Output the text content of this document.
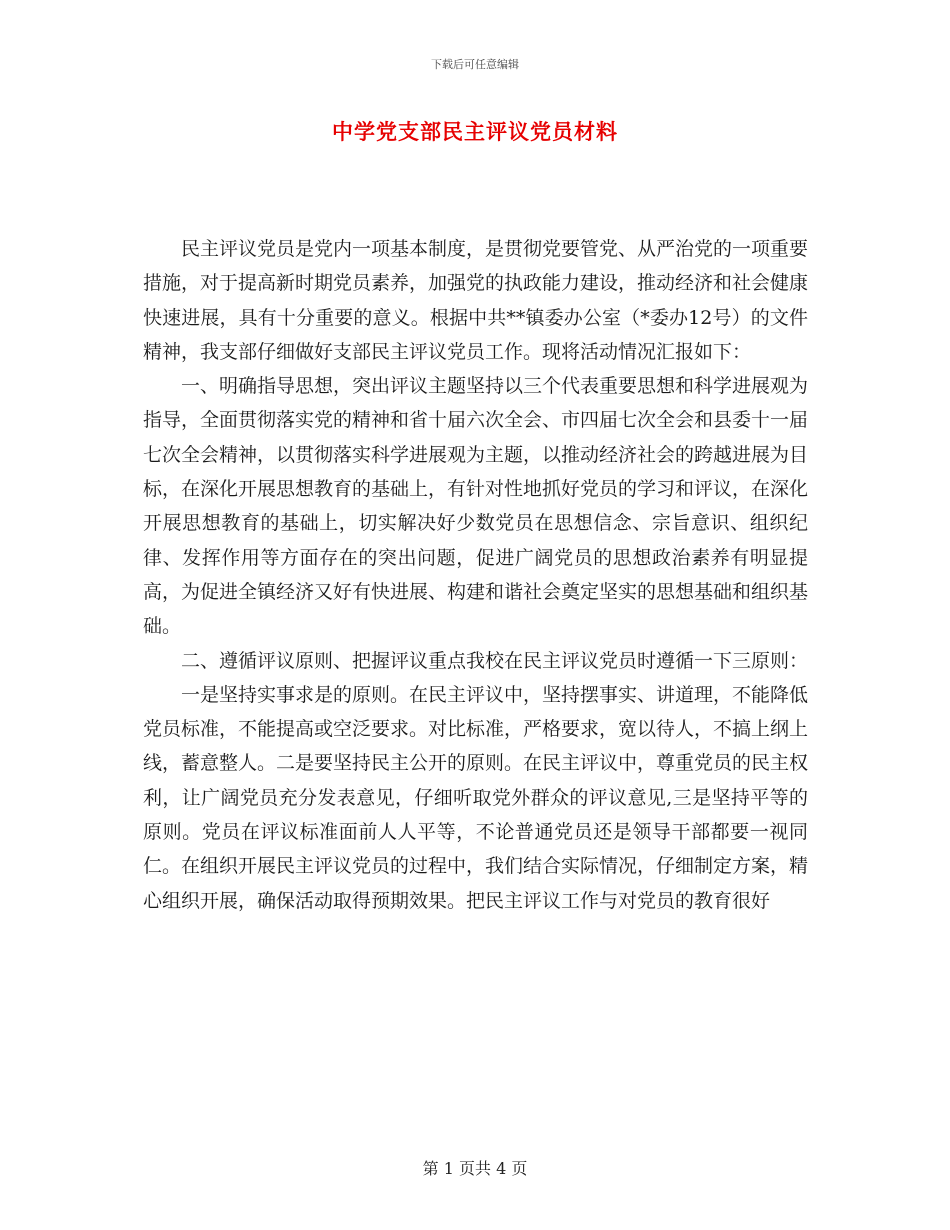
下载后可任意编辑
中学党支部民主评议党员材料

民主评议党员是党内一项基本制度，是贯彻党要管党、从严治党的一项重要措施，对于提高新时期党员素养，加强党的执政能力建设，推动经济和社会健康快速进展，具有十分重要的意义。根据中共**镇委办公室（*委办12号）的文件精神，我支部仔细做好支部民主评议党员工作。现将活动情况汇报如下：

一、明确指导思想，突出评议主题坚持以三个代表重要思想和科学进展观为指导，全面贯彻落实党的精神和省十届六次全会、市四届七次全会和县委十一届七次全会精神，以贯彻落实科学进展观为主题，以推动经济社会的跨越进展为目标，在深化开展思想教育的基础上，有针对性地抓好党员的学习和评议，在深化开展思想教育的基础上，切实解决好少数党员在思想信念、宗旨意识、组织纪律、发挥作用等方面存在的突出问题，促进广阔党员的思想政治素养有明显提高，为促进全镇经济又好有快进展、构建和谐社会奠定坚实的思想基础和组织基础。

二、遵循评议原则、把握评议重点我校在民主评议党员时遵循一下三原则：

一是坚持实事求是的原则。在民主评议中，坚持摆事实、讲道理，不能降低党员标准，不能提高或空泛要求。对比标准，严格要求，宽以待人，不搞上纲上线，蓄意整人。二是要坚持民主公开的原则。在民主评议中，尊重党员的民主权利，让广阔党员充分发表意见，仔细听取党外群众的评议意见,三是坚持平等的原则。党员在评议标准面前人人平等，不论普通党员还是领导干部都要一视同仁。在组织开展民主评议党员的过程中，我们结合实际情况，仔细制定方案，精心组织开展，确保活动取得预期效果。把民主评议工作与对党员的教育很好

第 1 页共 4 页
